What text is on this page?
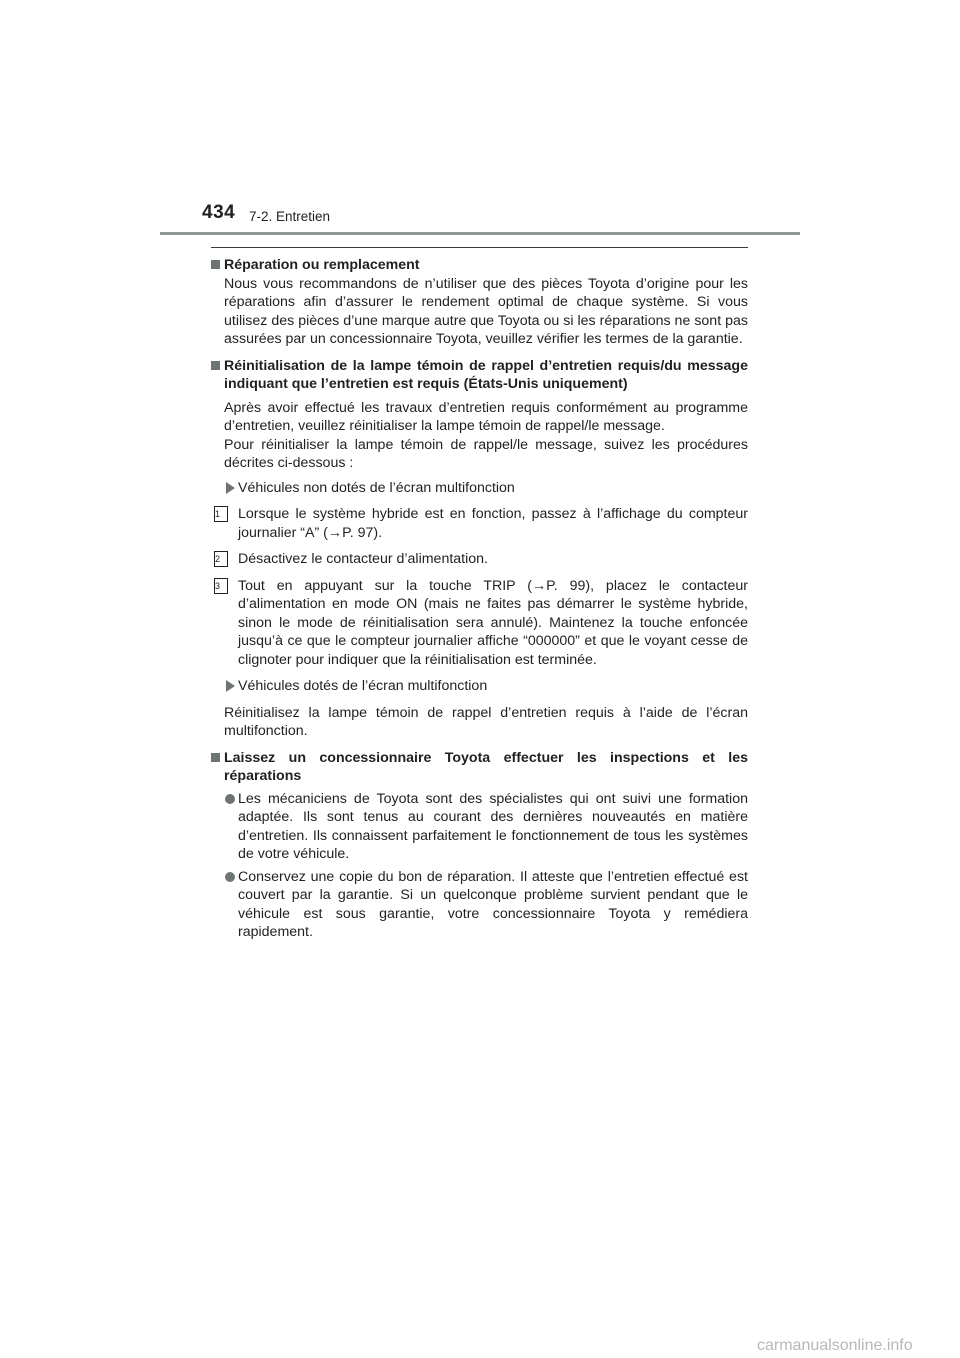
434 7-2. Entretien
Réparation ou remplacement
Nous vous recommandons de n’utiliser que des pièces Toyota d’origine pour les réparations afin d’assurer le rendement optimal de chaque système. Si vous utilisez des pièces d’une marque autre que Toyota ou si les réparations ne sont pas assurées par un concessionnaire Toyota, veuillez vérifier les termes de la garantie.
Réinitialisation de la lampe témoin de rappel d’entretien requis/du message indiquant que l’entretien est requis (États-Unis uniquement)
Après avoir effectué les travaux d’entretien requis conformément au programme d’entretien, veuillez réinitialiser la lampe témoin de rappel/le message.
Pour réinitialiser la lampe témoin de rappel/le message, suivez les procédures décrites ci-dessous :
Véhicules non dotés de l’écran multifonction
1	Lorsque le système hybride est en fonction, passez à l’affichage du compteur journalier “A” (→P. 97).
2	Désactivez le contacteur d’alimentation.
3	Tout en appuyant sur la touche TRIP (→P. 99), placez le contacteur d’alimentation en mode ON (mais ne faites pas démarrer le système hybride, sinon le mode de réinitialisation sera annulé). Maintenez la touche enfoncée jusqu’à ce que le compteur journalier affiche “000000” et que le voyant cesse de clignoter pour indiquer que la réinitialisation est terminée.
Véhicules dotés de l’écran multifonction
Réinitialisez la lampe témoin de rappel d’entretien requis à l’aide de l’écran multifonction.
Laissez un concessionnaire Toyota effectuer les inspections et les réparations
Les mécaniciens de Toyota sont des spécialistes qui ont suivi une formation adaptée. Ils sont tenus au courant des dernières nouveautés en matière d’entretien. Ils connaissent parfaitement le fonctionnement de tous les systèmes de votre véhicule.
Conservez une copie du bon de réparation. Il atteste que l’entretien effectué est couvert par la garantie. Si un quelconque problème survient pendant que le véhicule est sous garantie, votre concessionnaire Toyota y remédiera rapidement.
carmanualsonline.info
